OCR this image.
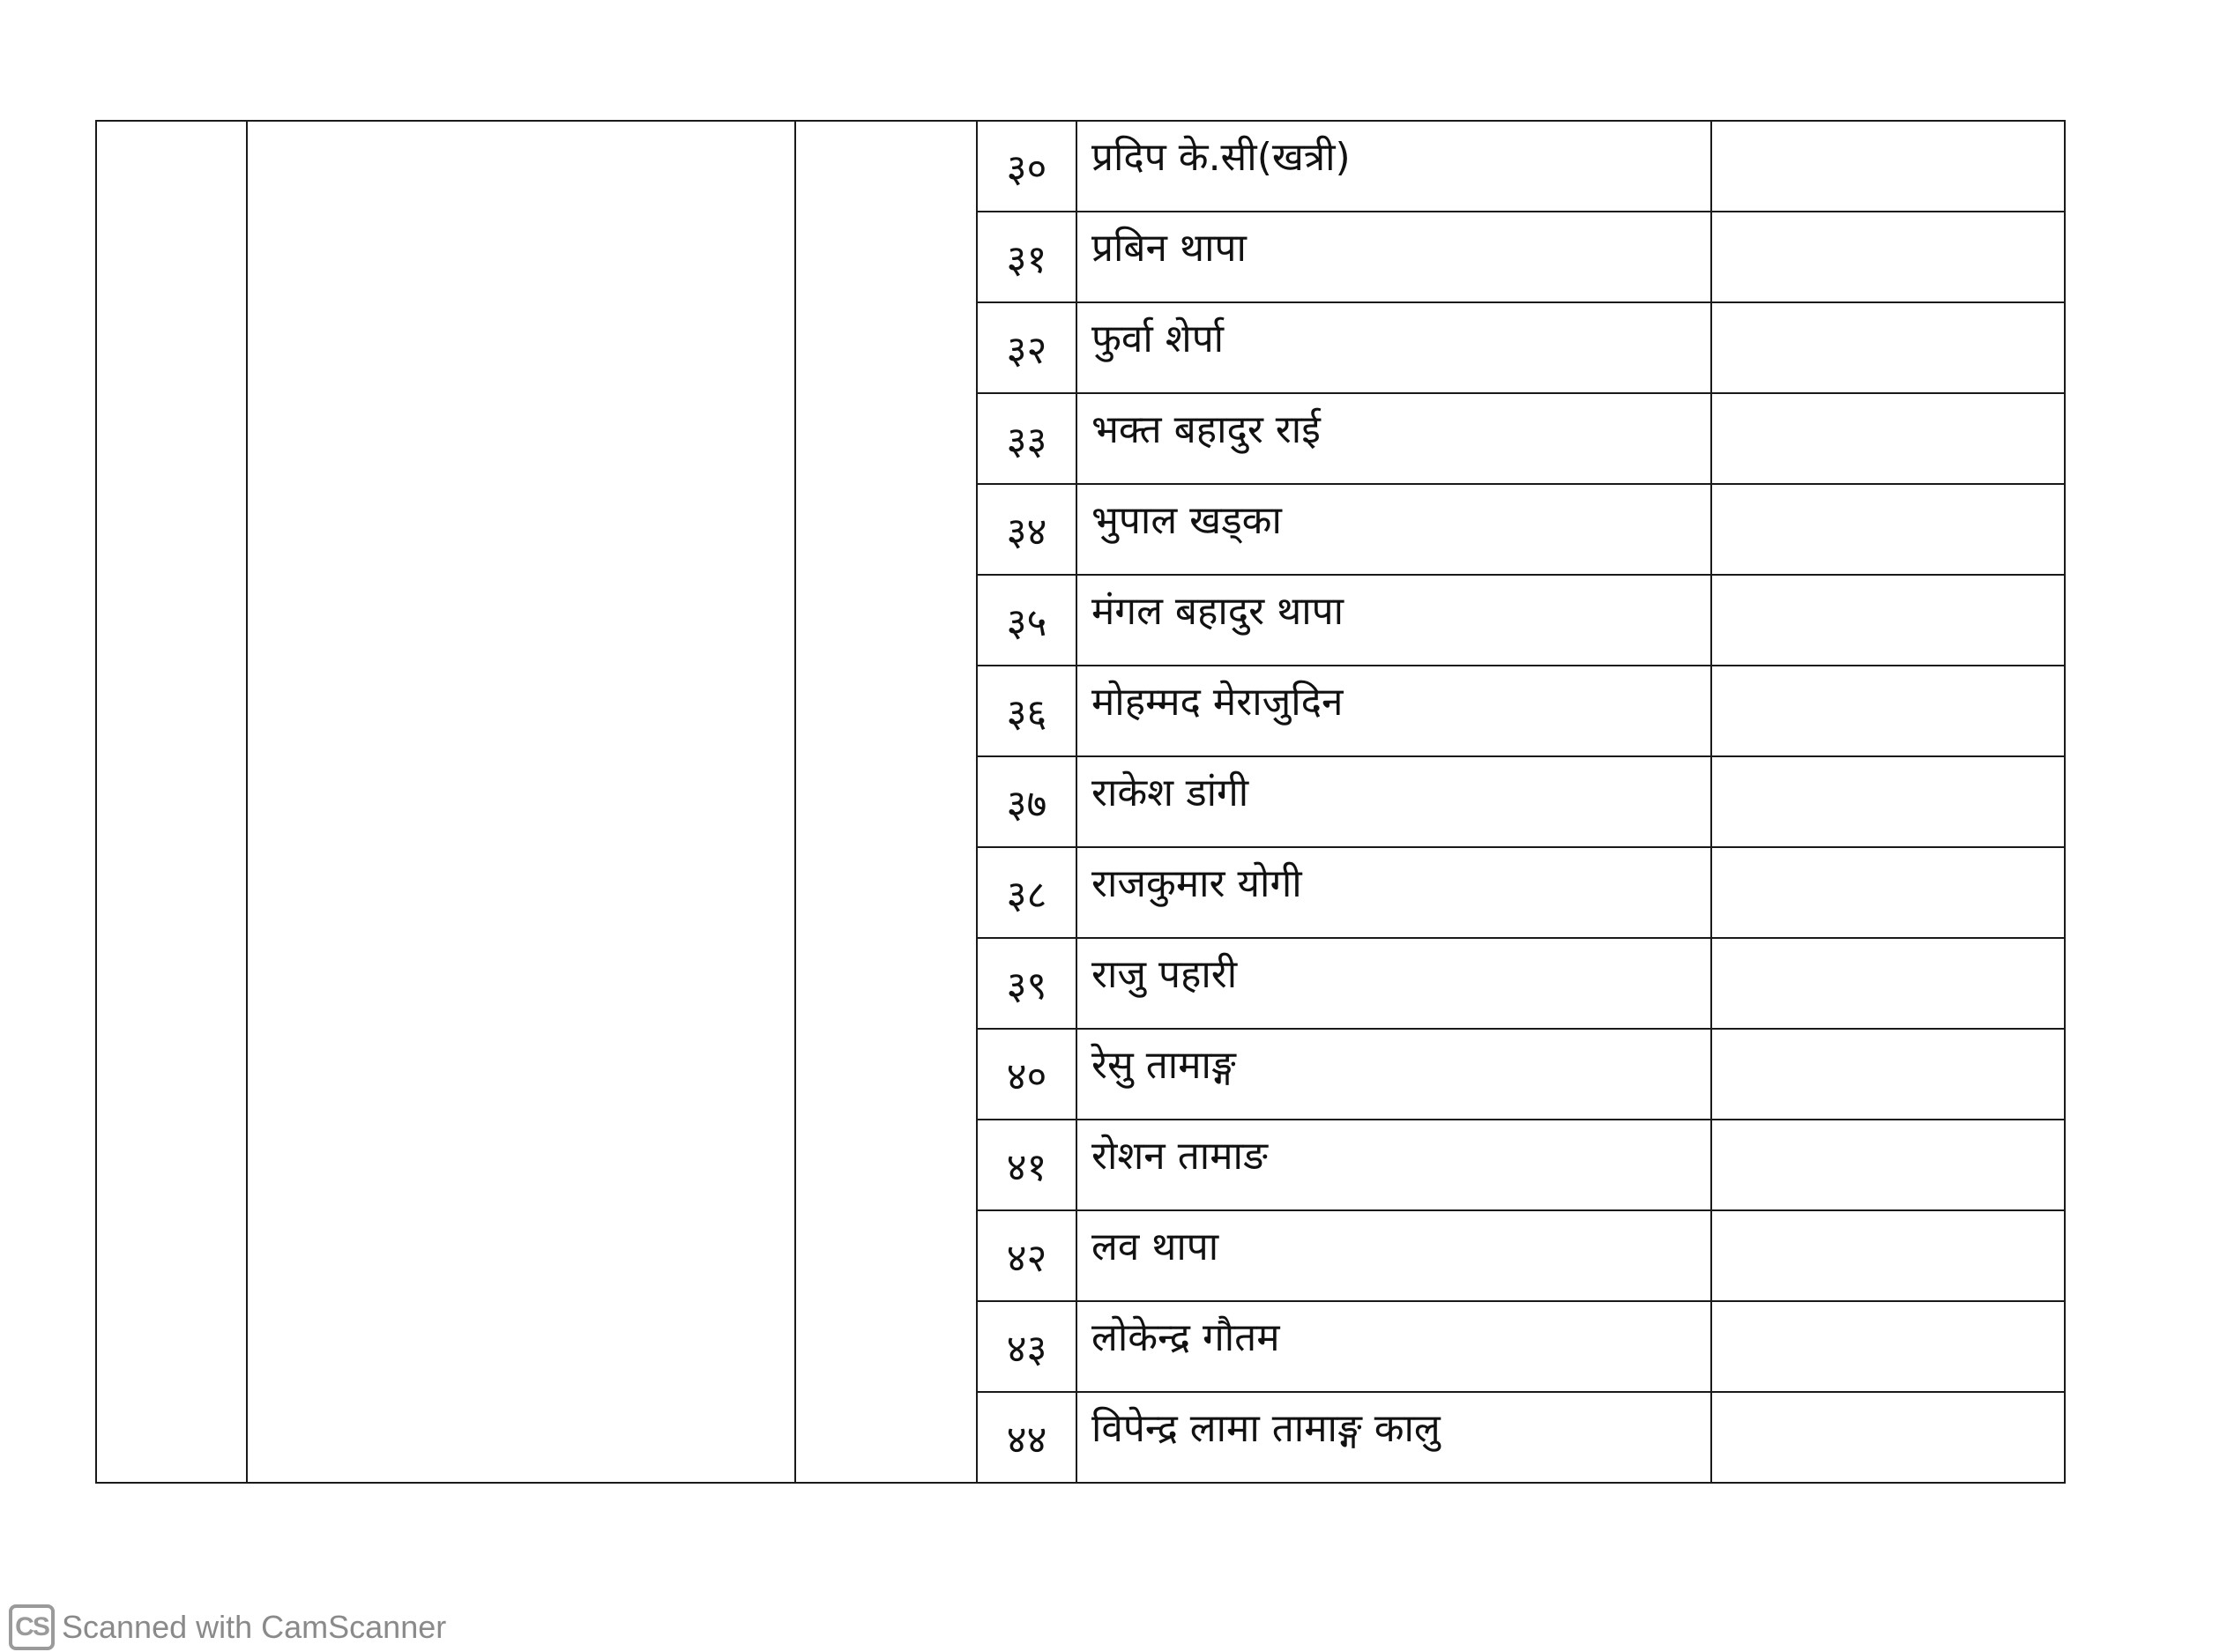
			३०	प्रदिप के.सी(खत्री)	
			३१	प्रबिन थापा	
			३२	फुर्वा शेर्पा	
			३३	भक्त बहादुर राई	
			३४	भुपाल खड्का	
			३५	मंगल बहादुर थापा	
			३६	मोहम्मद मेराजुदिन	
			३७	राकेश डांगी	
			३८	राजकुमार योगी	
			३९	राजु पहारी	
			४०	रेसु तामाङ्ग	
			४१	रोशन तामाङ	
			४२	लव थापा	
			४३	लोकेन्द्र गौतम	
			४४	विपेन्द्र लामा तामाङ्ग कालु	
CS Scanned with CamScanner
